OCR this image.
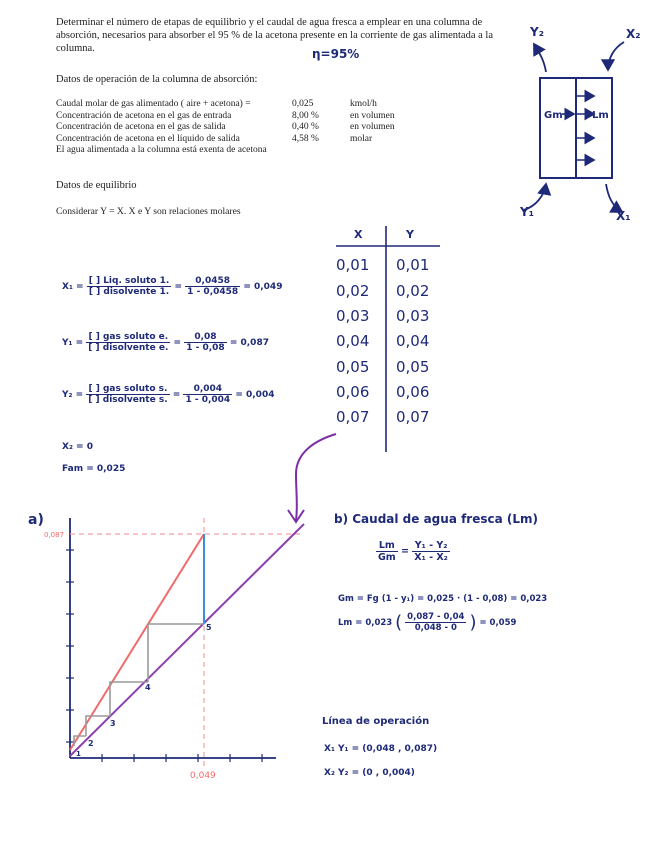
Determinar el número de etapas de equilibrio y el caudal de agua fresca a emplear en una columna de absorción, necesarios para absorber el 95 % de la acetona presente en la corriente de gas alimentada a la columna.	η=95%
Datos de operación de la columna de absorción:
Caudal molar de gas alimentado ( aire + acetona) =	0,025	kmol/h
Concentración de acetona en el gas de entrada	8,00 %	en volumen
Concentración de acetona en el gas de salida	0,40 %	en volumen
Concentración de acetona en el líquido de salida	4,58 %	molar
El agua alimentada a la columna está exenta de acetona		
Datos de equilibrio
Considerar Y = X. X e Y son relaciones molares
Y₂	X₂
Y₁	X₁
Gm	Lm
X	Y
0,01 0,01
0,02 0,02
0,03 0,03
0,04 0,04
0,05 0,05
0,06 0,06
0,07 0,07
$X_1 = \frac{\text{[ ] Liq. soluto 1.}}{\text{[ ] disolvente 1.}} = \frac{0,0458}{1 - 0,0458} = 0,049$
$Y_1 = \frac{\text{[ ] gas soluto e.}}{\text{[ ] disolvente e.}} = \frac{0,08}{1 - 0,08} = 0,087$
$Y_2 = \frac{\text{[ ] gas soluto s.}}{\text{[ ] disolvente s.}} = \frac{0,004}{1 - 0,004} = 0,004$
X₂ = 0
Fam = 0,025
a)
5
4
3
2
1
0,087
0,049
b) Caudal de agua fresca (Lm)
$\frac{Lm}{Gm} = \frac{\text{Y₁ - Y₂}}{\text{X₁ - X₂}}$
Gm = Fg (1 - y₁) = 0,025 · (1 - 0,08) = 0,023
Lm = 0,023 ( $\frac{0,087 - 0,04}{0,048 - 0}$ ) = 0,059
Línea de operación
X₁ Y₁ = (0,048 , 0,087)
X₂ Y₂ = (0 , 0,004)
